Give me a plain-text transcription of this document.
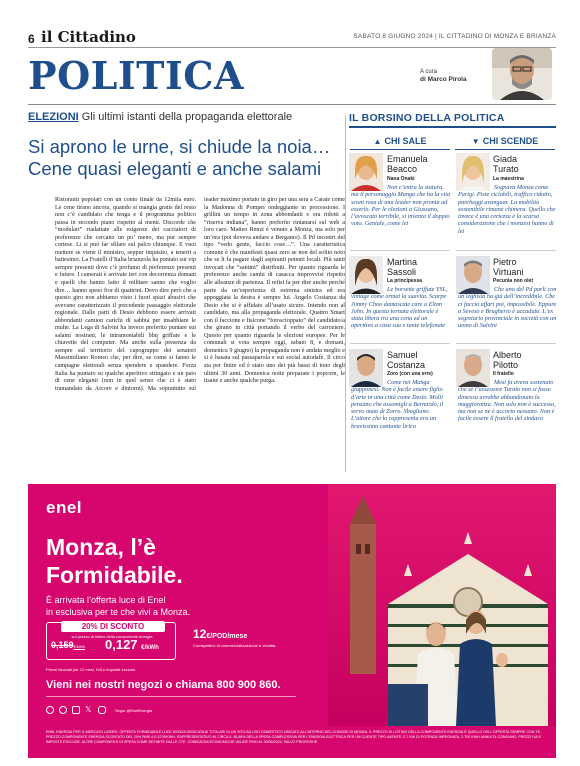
6 il Cittadino	SABATO 8 GIUGNO 2024 | IL CITTADINO DI MONZA E BRIANZA
POLITICA	A cura
di Marco Pirola
ELEZIONI Gli ultimi istanti della propaganda elettorale
Si aprono le urne, si chiude la noia… Cene quasi eleganti e anche salami
Ristoranti popolari con un conto finale da 12mila euro. Le cene tirano ancora, quando si mangia gratis del resto non c’è candidato che tenga e il programma politico passa in secondo piano rispetto al menù. Discorde che “modulari” riadattate alle esigenze dei cacciatori di preferenze che cercano un po’ meno, ma pur sempre cortese. Li si può far sfilare sul palco chiunque. E vuoi mettere se viene il ministro, seppur inquisito, a tenerti a battesimo. La Fratelli d’Italia brianzola ha puntato sui vip sempre presenti dove c’è profumo di preferenze presenti e future. I camerati è arrivate ieri con decorrenza domani e quelli che hanno fatto il militare sanno che voglio dire… hanno speso fior di quattrini. Devo dire però che a questo giro non abbiamo visto i fuori spazi abusivi che avevano caratterizzato il precedente passaggio elettorale regionale. Dalle parti di Desio debbono essere arrivati abbondanti camion carichi di sabbia per insabbiare le multe. La Lega di Salvini ha invece preferito puntare sui salami nostrani, le intramontabili bbq griffate e le chiavette del computer. Ma anche sulla presenza da sempre sul territorio del capogruppo dei senatori Massimiliano Romeo che, per dire, se come si fanno le campagne elettorali senza spendere e spandere. Forza Italia ha puntato su qualche aperitivo stringato e un paio di cene eleganti (non in quel senso che ci è stato tramandato da Arcore e dintorni). Ma soprattutto sul leader maximo portato in giro per una sera a Carate come la Madonna di Pompei ondeggiante in processione. I grillini un tempo in zona abbondanti e ora ridotti a “riserva indiana”, hanno preferito rintanarsi sul web a loro caro. Matteo Renzi è venuto a Monza, ma solo per un’ora (poi doveva andare a Bergamo). Il Pd incontri del tipo “vedo gente, faccio cose…”. Una caratteristica comune è che manifesti quasi zero se non del solito noto che se li fa pagare dagli aspiranti potenti locali. Più santi invocati che “santini” distribuiti. Per quanto riguarda le preferenze anche cambi di casacca improvvisi rispetto alle alleanze di partenza. Il refisi fa per dire anche perché parte da un’esperienza di estrema sinistra ed era appoggiata la destra è sempre lui. Angelo Costanza da Desio che si è affidato all’usato sicuro. Intendo non al candidato, ma alla propaganda elettorale. Quattro Smart con il faccione e fisicone “fotoscioppato” del candidato/a che girano in città portando il verbo del carroziere. Questo per quanto riguarda le elezioni europee. Per le comunali si vota sempre oggi, sabato 8, e domani, domenica 9 giugno) la propaganda non è andata meglio e si è basata sul passaparola e sui social autodafè. Il circo sta per finire ed è stato uno dei più bassi di tono degli ultimi 30 anni. Domenica notte preparate i popcorn, le tisane e anche qualche purga.
IL BORSINO DELLA POLITICA
▲ CHI SALE	▼ CHI SCENDE
Emanuela
Beacco
Nana Onaki
Non c’entra la statura, ma il personaggio Manga che ha la vita scont rosa di una leader non pronta ad esserlo. Per le elezioni a Giussano, l’avvocato terribile, si inventa il doppio voto. Geniale, come lei
Martina
Sassoli
La principessa
Le borsette griffate YSL, vintage come ormai la suavita. Scarpe Jimmy Choo damascate care a Elton John. In questa tornata elettorale è stata libera tra una cena ed un aperitivo a casa sua e tante telefonate
Samuel
Costanza
Zoro (con una erre)
Come nei Manga giapponesi. Non è facile essere figlio d’arte in una città come Desio. Molti pensano che assomigli a Bernardo, il servo muto di Zorro. Sbagliano. L’attore che lo rappresenta era un bravissimo cantante lirico
Giada
Turato
La maestrina
Sognava Monza come Parigi. Piste ciclabili, traffico ridotto, parcheggi avanguar. La mobilità sostenibile rimane chimera. Quello che invece è una certezza è la scarsa considerazione che i monzesi hanno di lei
Pietro
Virtuani
Pecunia non olet
Che uno del Pd parli con un leghista ha già dell’incredibile. Che ci faccia affari poi, impossibile. Eppure a Seveso e Brugherio è accaduto. L’ex segretario provinciale in società con un uomo di Salvini
Alberto
Pilotto
Il fratello
Mesi fa aveva sostenuto che se l’assessore Turato non si fosse dimessa avrebbe abbandonato la maggioranza. Non solo non è successo, ma non se ne è accorto nessuno. Non è facile essere il fratello del sindaco
enel
Monza, l’è
Formidabile.
È arrivata l’offerta luce di Enel
in esclusiva per te che vivi a Monza.
20% DI SCONTO
sul prezzo di listino della componente energia
0,159€/kWh 0,127 €/kWh
12€/POD/mese
Corrispettivo di commercializzazione e vendita.
Prezzi bloccati per 12 mesi, IVA e imposte escluse.
Vieni nei nostri negozi o chiama 800 900 860.
𝕏	Segui @EnelEnergia
ENEL ENERGIA PER IL MERCATO LIBERO. OFFERTA FORMIDABILE LUCE MONZA DEDICATA AI TITOLARI DI UN SITO AD USO DOMESTICO UBICATO ALL'INTERNO DEL COMUNE DI MONZA. IL PREZZO DI LISTINO DELLA COMPONENTE ENERGIA È QUELLO DELL'OFFERTA SEMPRE CON TE. PREZZO COMPONENTE ENERGIA SCONTATO DEL 20% PARI A 0,127€/KWH. RAPPRESENTATIVO IN CIRCA IL 46,68% DELLA SPESA COMPLESSIVA PER L'ENERGIA ELETTRICA PER UN CLIENTE TIPO AVENTE: 2,7 KW DI POTENZA IMPEGNATA, 2.700 KWH ANNUI DI CONSUMO. PREZZI IVA E IMPOSTE ESCLUSE. ALTRE COMPONENTI DI SPESA COME DEFINITE DALLE CTE. CONDIZIONI ECONOMICHE VALIDE FINO AL 30/06/2024, SALVO PROROGHE.
